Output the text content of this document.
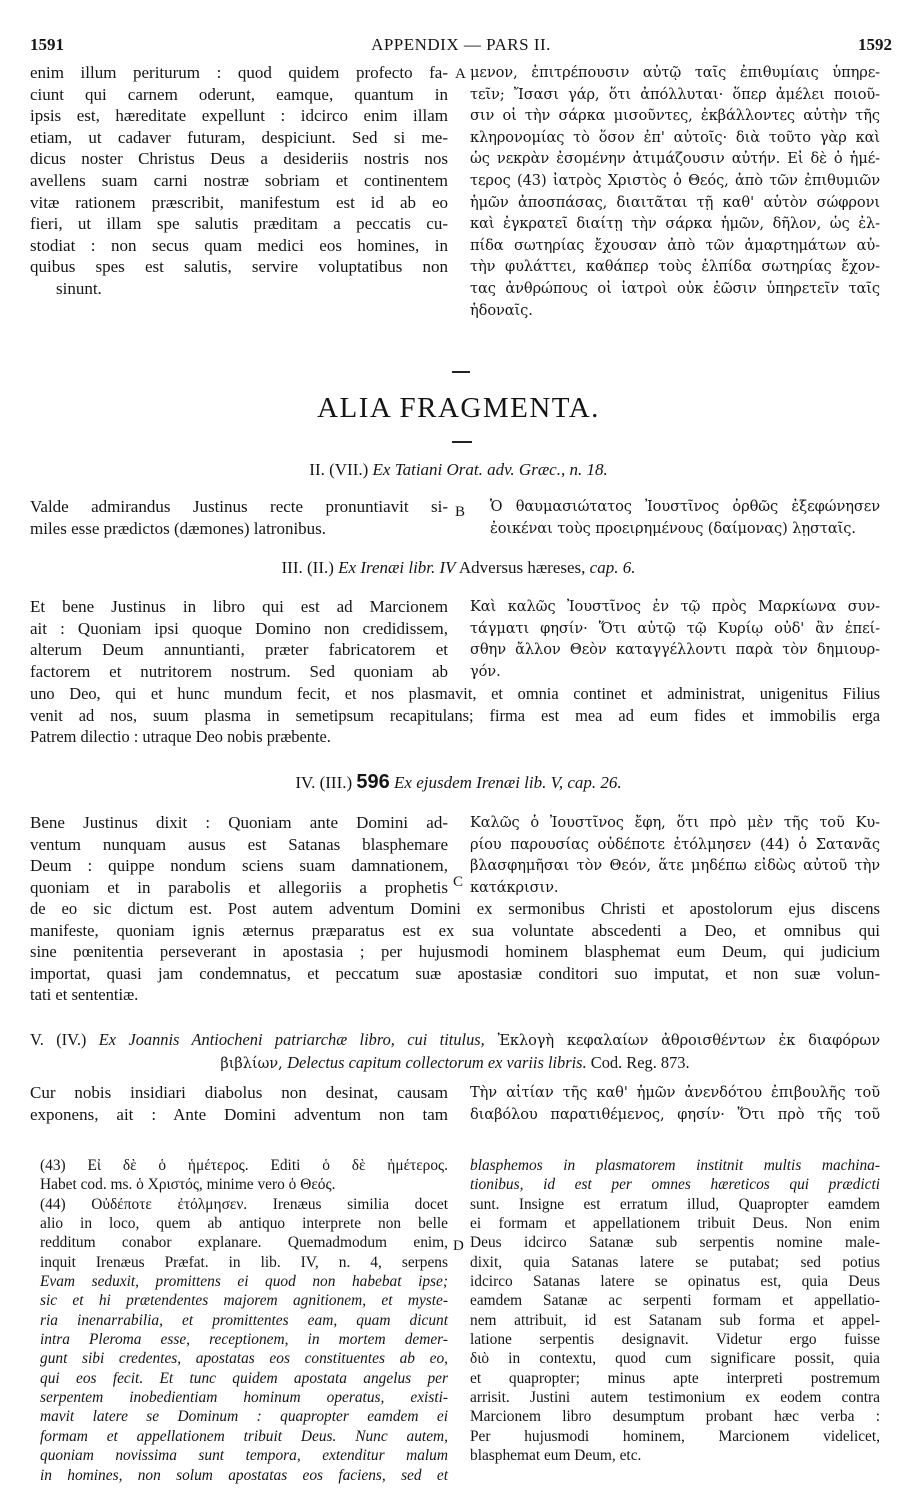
1591	APPENDIX — PARS II.	1592
enim illum periturum : quod quidem profecto fa-
ciunt qui carnem oderunt, eamque, quantum in
ipsis est, hæreditate expellunt : idcirco enim illam
etiam, ut cadaver futuram, despiciunt. Sed si me-
dicus noster Christus Deus a desideriis nostris nos
avellens suam carni nostræ sobriam et continentem
vitæ rationem præscribit, manifestum est id ab eo
fieri, ut illam spe salutis præditam a peccatis cu-
stodiat : non secus quam medici eos homines, in
quibus spes est salutis, servire voluptatibus non
sinunt.
A μενον, ἐπιτρέπουσιν αὐτῷ ταῖς ἐπιθυμίαις ὑπηρε-
τεῖν; Ἴσασι γάρ, ὅτι ἀπόλλυται· ὅπερ ἀμέλει ποιοῦ-
σιν οἱ τὴν σάρκα μισοῦντες, ἐκβάλλοντες αὐτὴν τῆς
κληρονομίας τὸ ὅσον ἐπ' αὐτοῖς· διὰ τοῦτο γὰρ καὶ
ὡς νεκρὰν ἐσομένην ἀτιμάζουσιν αὐτήν. Εἰ δὲ ὁ ἡμέ-
τερος (43) ἰατρὸς Χριστὸς ὁ Θεός, ἀπὸ τῶν ἐπιθυμιῶν
ἡμῶν ἀποσπάσας, διαιτᾶται τῇ καθ' αὑτὸν σώφρονι
καὶ ἐγκρατεῖ διαίτῃ τὴν σάρκα ἡμῶν, δῆλον, ὡς ἐλ-
πίδα σωτηρίας ἔχουσαν ἀπὸ τῶν ἁμαρτημάτων αὐ-
τὴν φυλάττει, καθάπερ τοὺς ἐλπίδα σωτηρίας ἔχον-
τας ἀνθρώπους οἱ ἰατροὶ οὐκ ἐῶσιν ὑπηρετεῖν ταῖς
ἡδοναῖς.
ALIA FRAGMENTA.
II. (VII.) Ex Tatiani Orat. adv. Græc., n. 18.
Valde admirandus Justinus recte pronuntiavit si-
miles esse prædictos (dæmones) latronibus.
B Ὁ θαυμασιώτατος Ἰουστῖνος ὀρθῶς ἐξεφώνησεν
ἐοικέναι τοὺς προειρημένους (δαίμονας) λῃσταῖς.
III. (II.) Ex Irenæi libr. IV Adversus hæreses, cap. 6.
Et bene Justinus in libro qui est ad Marcionem
ait : Quoniam ipsi quoque Domino non credidissem,
alterum Deum annuntianti, præter fabricatorem et
factorem et nutritorem nostrum. Sed quoniam ab
Καὶ καλῶς Ἰουστῖνος ἐν τῷ πρὸς Μαρκίωνα συν-
τάγματι φησίν· Ὅτι αὐτῷ τῷ Κυρίῳ οὐδ' ἂν ἐπεί-
σθην ἄλλον Θεὸν καταγγέλλοντι παρὰ τὸν δημιουρ-
γόν.
uno Deo, qui et hunc mundum fecit, et nos plasmavit, et omnia continet et administrat, unigenitus Filius
venit ad nos, suum plasma in semetipsum recapitulans; firma est mea ad eum fides et immobilis erga
Patrem dilectio : utraque Deo nobis præbente.
IV. (III.) 596 Ex ejusdem Irenæi lib. V, cap. 26.
Bene Justinus dixit : Quoniam ante Domini ad-
ventum nunquam ausus est Satanas blasphemare
Deum : quippe nondum sciens suam damnationem,
quoniam et in parabolis et allegoriis a prophetis C
Καλῶς ὁ Ἰουστῖνος ἔφη, ὅτι πρὸ μὲν τῆς τοῦ Κυ-
ρίου παρουσίας οὐδέποτε ἐτόλμησεν (44) ὁ Σατανᾶς
βλασφημῆσαι τὸν Θεόν, ἅτε μηδέπω εἰδὼς αὐτοῦ τὴν
κατάκρισιν.
de eo sic dictum est. Post autem adventum Domini ex sermonibus Christi et apostolorum ejus discens
manifeste, quoniam ignis æternus præparatus est ex sua voluntate abscedenti a Deo, et omnibus qui
sine pœnitentia perseverant in apostasia ; per hujusmodi hominem blasphemat eum Deum, qui judicium
importat, quasi jam condemnatus, et peccatum suæ apostasiæ conditori suo imputat, et non suæ volun-
tati et sententiæ.
V. (IV.) Ex Joannis Antiocheni patriarchæ libro, cui titulus, Ἐκλογὴ κεφαλαίων ἀθροισθέντων ἐκ διαφόρων
βιβλίων, Delectus capitum collectorum ex variis libris. Cod. Reg. 873.
Cur nobis insidiari diabolus non desinat, causam
exponens, ait : Ante Domini adventum non tam
Τὴν αἰτίαν τῆς καθ' ἡμῶν ἀνενδότου ἐπιβουλῆς τοῦ
διαβόλου παρατιθέμενος, φησίν· Ὅτι πρὸ τῆς τοῦ
(43) Εἰ δὲ ὁ ἡμέτερος. Editi ὁ δὲ ἡμέτερος.
Habet cod. ms. ὁ Χριστός, minime vero ὁ Θεός.
(44) Οὐδέποτε ἐτόλμησεν. Irenæus similia docet
alio in loco, quem ab antiquo interprete non belle
redditum conabor explanare. Quemadmodum enim,
inquit Irenæus Præfat. in lib. IV, n. 4, serpens
Evam seduxit, promittens ei quod non habebat ipse;
sic et hi prætendentes majorem agnitionem, et myste-
ria inenarrabilia, et promittentes eam, quam dicunt
intra Pleroma esse, receptionem, in mortem demer-
gunt sibi credentes, apostatas eos constituentes ab eo,
qui eos fecit. Et tunc quidem apostata angelus per
serpentem inobedientiam hominum operatus, existi-
mavit latere se Dominum : quapropter eamdem ei
formam et appellationem tribuit Deus. Nunc autem,
quoniam novissima sunt tempora, extenditur malum
in homines, non solum apostatas eos faciens, sed et
D
blasphemos in plasmatorem institnit multis machina-
tionibus, id est per omnes hæreticos qui prædicti
sunt. Insigne est erratum illud, Quapropter eamdem
ei formam et appellationem tribuit Deus. Non enim
Deus idcirco Satanæ sub serpentis nomine male-
dixit, quia Satanas latere se putabat; sed potius
idcirco Satanas latere se opinatus est, quia Deus
eamdem Satanæ ac serpenti formam et appellatio-
nem attribuit, id est Satanam sub forma et appel-
latione serpentis designavit. Videtur ergo fuisse
διὸ in contextu, quod cum significare possit, quia
et quapropter; minus apte interpreti postremum
arrisit. Justini autem testimonium ex eodem contra
Marcionem libro desumptum probant hæc verba :
Per hujusmodi hominem, Marcionem videlicet,
blasphemat eum Deum, etc.
